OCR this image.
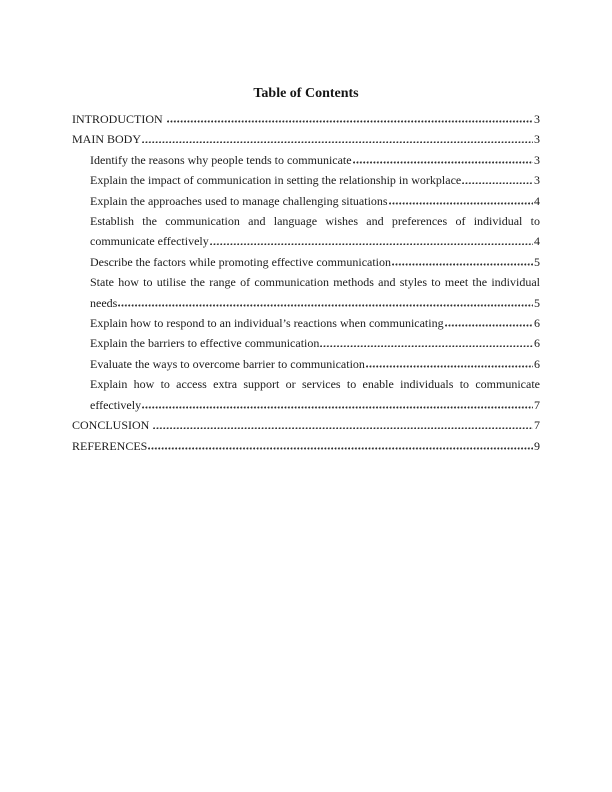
Table of Contents
INTRODUCTION	3
MAIN BODY	3
Identify the reasons why people tends to communicate	3
Explain the impact of communication in setting the relationship in workplace	3
Explain the approaches used to manage challenging situations	4
Establish the communication and language wishes and preferences of individual to
communicate effectively	4
Describe the factors while promoting effective communication	5
State how to utilise the range of communication methods and styles to meet the individual
needs	5
Explain how to respond to an individual’s reactions when communicating	6
Explain the barriers to effective communication	6
Evaluate the ways to overcome barrier to communication	6
Explain how to access extra support or services to enable individuals to communicate
effectively	7
CONCLUSION	7
REFERENCES	9
